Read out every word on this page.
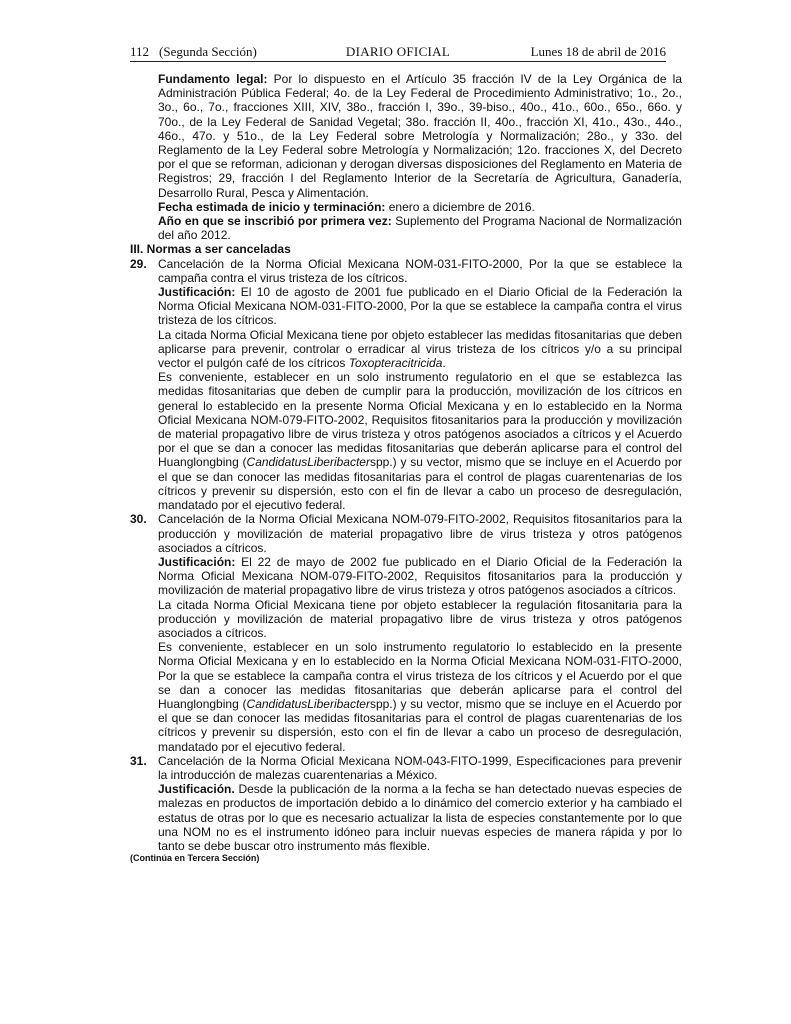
112 (Segunda Sección)	DIARIO OFICIAL	Lunes 18 de abril de 2016

Fundamento legal: Por lo dispuesto en el Artículo 35 fracción IV de la Ley Orgánica de la Administración Pública Federal; 4o. de la Ley Federal de Procedimiento Administrativo; 1o., 2o., 3o., 6o., 7o., fracciones XIII, XIV, 38o., fracción I, 39o., 39-biso., 40o., 41o., 60o., 65o., 66o. y 70o., de la Ley Federal de Sanidad Vegetal; 38o. fracción II, 40o., fracción XI, 41o., 43o., 44o., 46o., 47o. y 51o., de la Ley Federal sobre Metrología y Normalización; 28o., y 33o. del Reglamento de la Ley Federal sobre Metrología y Normalización; 12o. fracciones X, del Decreto por el que se reforman, adicionan y derogan diversas disposiciones del Reglamento en Materia de Registros; 29, fracción I del Reglamento Interior de la Secretaría de Agricultura, Ganadería, Desarrollo Rural, Pesca y Alimentación.

Fecha estimada de inicio y terminación: enero a diciembre de 2016.

Año en que se inscribió por primera vez: Suplemento del Programa Nacional de Normalización del año 2012.

III. Normas a ser canceladas

29. Cancelación de la Norma Oficial Mexicana NOM-031-FITO-2000, Por la que se establece la campaña contra el virus tristeza de los cítricos.

Justificación: El 10 de agosto de 2001 fue publicado en el Diario Oficial de la Federación la Norma Oficial Mexicana NOM-031-FITO-2000, Por la que se establece la campaña contra el virus tristeza de los cítricos.

La citada Norma Oficial Mexicana tiene por objeto establecer las medidas fitosanitarias que deben aplicarse para prevenir, controlar o erradicar al virus tristeza de los cítricos y/o a su principal vector el pulgón café de los cítricos Toxopteracitricida.

Es conveniente, establecer en un solo instrumento regulatorio en el que se establezca las medidas fitosanitarias que deben de cumplir para la producción, movilización de los cítricos en general lo establecido en la presente Norma Oficial Mexicana y en lo establecido en la Norma Oficial Mexicana NOM-079-FITO-2002, Requisitos fitosanitarios para la producción y movilización de material propagativo libre de virus tristeza y otros patógenos asociados a cítricos y el Acuerdo por el que se dan a conocer las medidas fitosanitarias que deberán aplicarse para el control del Huanglongbing (CandidatusLiberibacterspp.) y su vector, mismo que se incluye en el Acuerdo por el que se dan conocer las medidas fitosanitarias para el control de plagas cuarentenarias de los cítricos y prevenir su dispersión, esto con el fin de llevar a cabo un proceso de desregulación, mandatado por el ejecutivo federal.

30. Cancelación de la Norma Oficial Mexicana NOM-079-FITO-2002, Requisitos fitosanitarios para la producción y movilización de material propagativo libre de virus tristeza y otros patógenos asociados a cítricos.

Justificación: El 22 de mayo de 2002 fue publicado en el Diario Oficial de la Federación la Norma Oficial Mexicana NOM-079-FITO-2002, Requisitos fitosanitarios para la producción y movilización de material propagativo libre de virus tristeza y otros patógenos asociados a cítricos.

La citada Norma Oficial Mexicana tiene por objeto establecer la regulación fitosanitaria para la producción y movilización de material propagativo libre de virus tristeza y otros patógenos asociados a cítricos.

Es conveniente, establecer en un solo instrumento regulatorio lo establecido en la presente Norma Oficial Mexicana y en lo establecido en la Norma Oficial Mexicana NOM-031-FITO-2000, Por la que se establece la campaña contra el virus tristeza de los cítricos y el Acuerdo por el que se dan a conocer las medidas fitosanitarias que deberán aplicarse para el control del Huanglongbing (CandidatusLiberibacterspp.) y su vector, mismo que se incluye en el Acuerdo por el que se dan conocer las medidas fitosanitarias para el control de plagas cuarentenarias de los cítricos y prevenir su dispersión, esto con el fin de llevar a cabo un proceso de desregulación, mandatado por el ejecutivo federal.

31. Cancelación de la Norma Oficial Mexicana NOM-043-FITO-1999, Especificaciones para prevenir la introducción de malezas cuarentenarias a México.

Justificación. Desde la publicación de la norma a la fecha se han detectado nuevas especies de malezas en productos de importación debido a lo dinámico del comercio exterior y ha cambiado el estatus de otras por lo que es necesario actualizar la lista de especies constantemente por lo que una NOM no es el instrumento idóneo para incluir nuevas especies de manera rápida y por lo tanto se debe buscar otro instrumento más flexible.

(Continúa en Tercera Sección)
